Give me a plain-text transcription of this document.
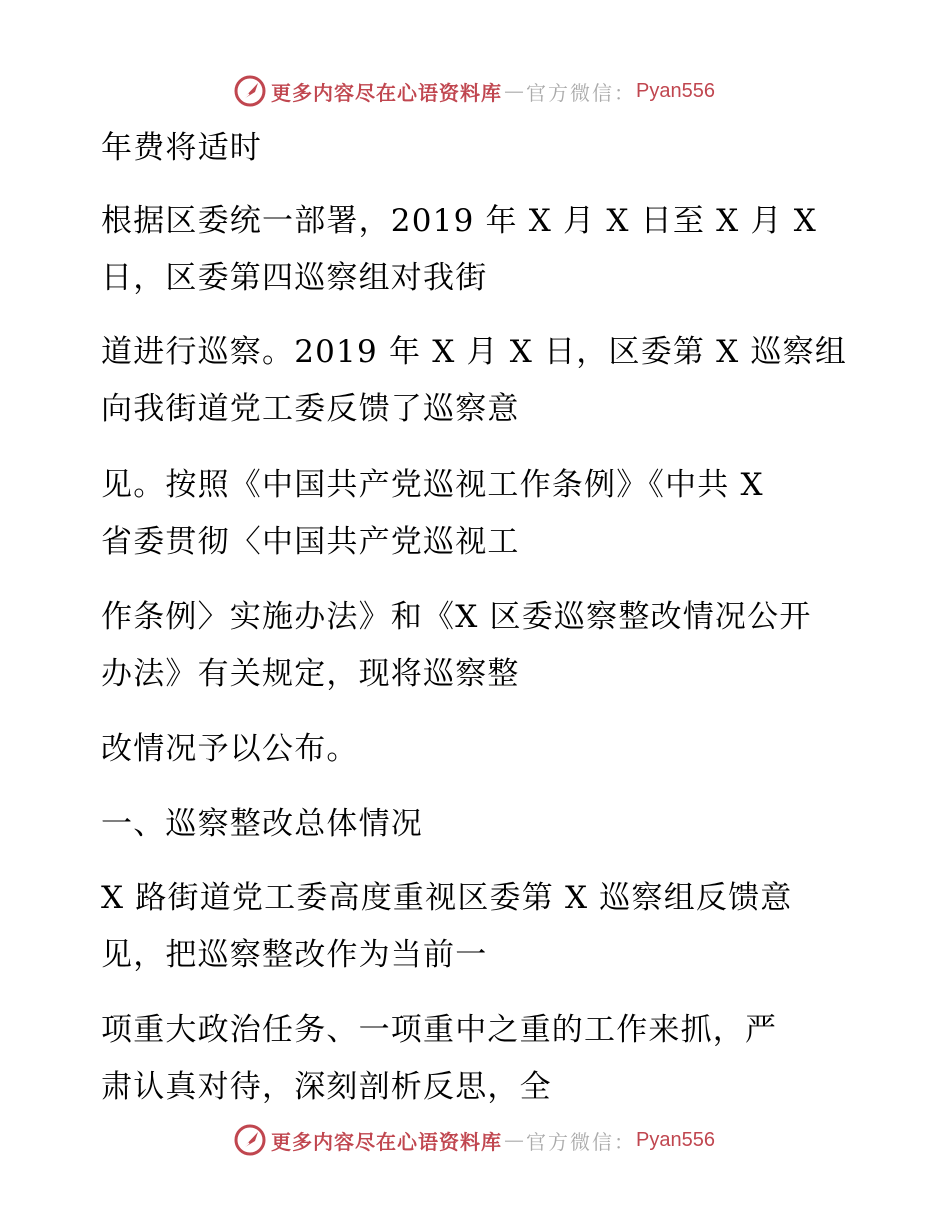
更多内容尽在心语资料库 — 官方微信： Pyan556

年费将适时

根据区委统一部署，2019 年 X 月 X 日至 X 月 X

日，区委第四巡察组对我街

道进行巡察。2019 年 X 月 X 日，区委第 X 巡察组

向我街道党工委反馈了巡察意

见。按照《中国共产党巡视工作条例》《中共 X

省委贯彻〈中国共产党巡视工

作条例〉实施办法》和《X 区委巡察整改情况公开

办法》有关规定，现将巡察整

改情况予以公布。

一、巡察整改总体情况

X 路街道党工委高度重视区委第 X 巡察组反馈意

见，把巡察整改作为当前一

项重大政治任务、一项重中之重的工作来抓，严

肃认真对待，深刻剖析反思，全

更多内容尽在心语资料库 — 官方微信： Pyan556
